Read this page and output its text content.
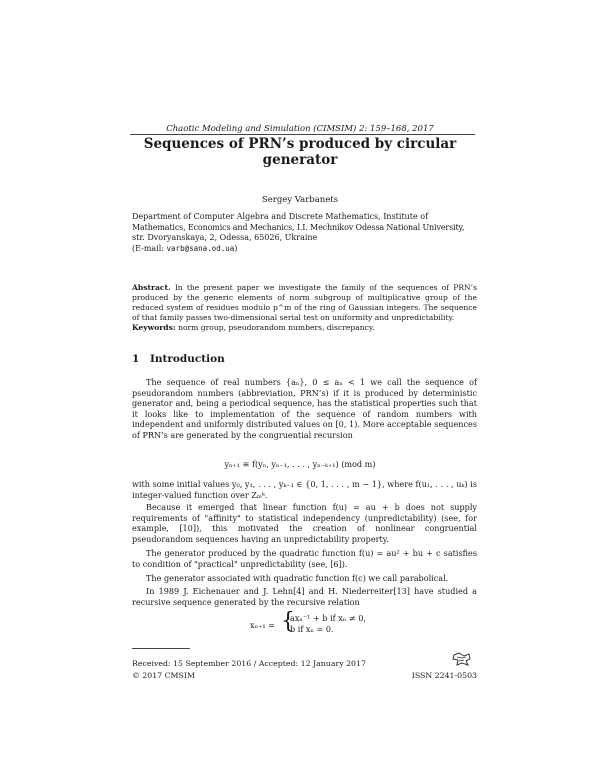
Chaotic Modeling and Simulation (CIMSIM) 2: 159–168, 2017
Sequences of PRN’s produced by circular
generator
Sergey Varbanets
Department of Computer Algebra and Discrete Mathematics, Institute of
Mathematics, Economics and Mechanics, I.I. Mechnikov Odessa National University,
str. Dvoryanskaya, 2, Odessa, 65026, Ukraine
(E-mail: varb@sana.od.ua)
Abstract. In the present paper we investigate the family of the sequences of PRN’s produced by the generic elements of norm subgroup of multiplicative group of the reduced system of residues modulo p^m of the ring of Gaussian integers. The sequence of that family passes two-dimensional serial test on uniformity and unpredictability.
Keywords: norm group, pseudorandom numbers, discrepancy.
1 Introduction
The sequence of real numbers {aₙ}, 0 ≤ aₙ < 1 we call the sequence of pseudorandom numbers (abbreviation, PRN’s) if it is produced by deterministic generator and, being a periodical sequence, has the statistical properties such that it looks like to implementation of the sequence of random numbers with independent and uniformly distributed values on [0, 1). More acceptable sequences of PRN’s are generated by the congruential recursion
yₙ₊₁ ≡ f(yₙ, yₙ₋₁, . . . , yₙ₋ₖ₊₁) (mod m)
with some initial values y₀, y₁, . . . , yₖ₋₁ ∈ {0, 1, . . . , m − 1}, where f(u₁, . . . , uₖ) is integer-valued function over Zₘᵏ.
Because it emerged that linear function f(u) = au + b does not supply requirements of "affinity" to statistical independency (unpredictability) (see, for example, [10]), this motivated the creation of nonlinear congruential pseudorandom sequences having an unpredictability property.
The generator produced by the quadratic function f(u) = au² + bu + c satisfies to condition of "practical" unpredictability (see, [6]).
The generator associated with quadratic function f(c) we call parabolical.
In 1989 J. Eichenauer and J. Lehn[4] and H. Niederreiter[13] have studied a recursive sequence generated by the recursive relation
xₙ₊₁ = {
axₙ⁻¹ + b if xₙ ≠ 0,
b if xₙ = 0.
Received: 15 September 2016 / Accepted: 12 January 2017
© 2017 CMSIM	ISSN 2241-0503
